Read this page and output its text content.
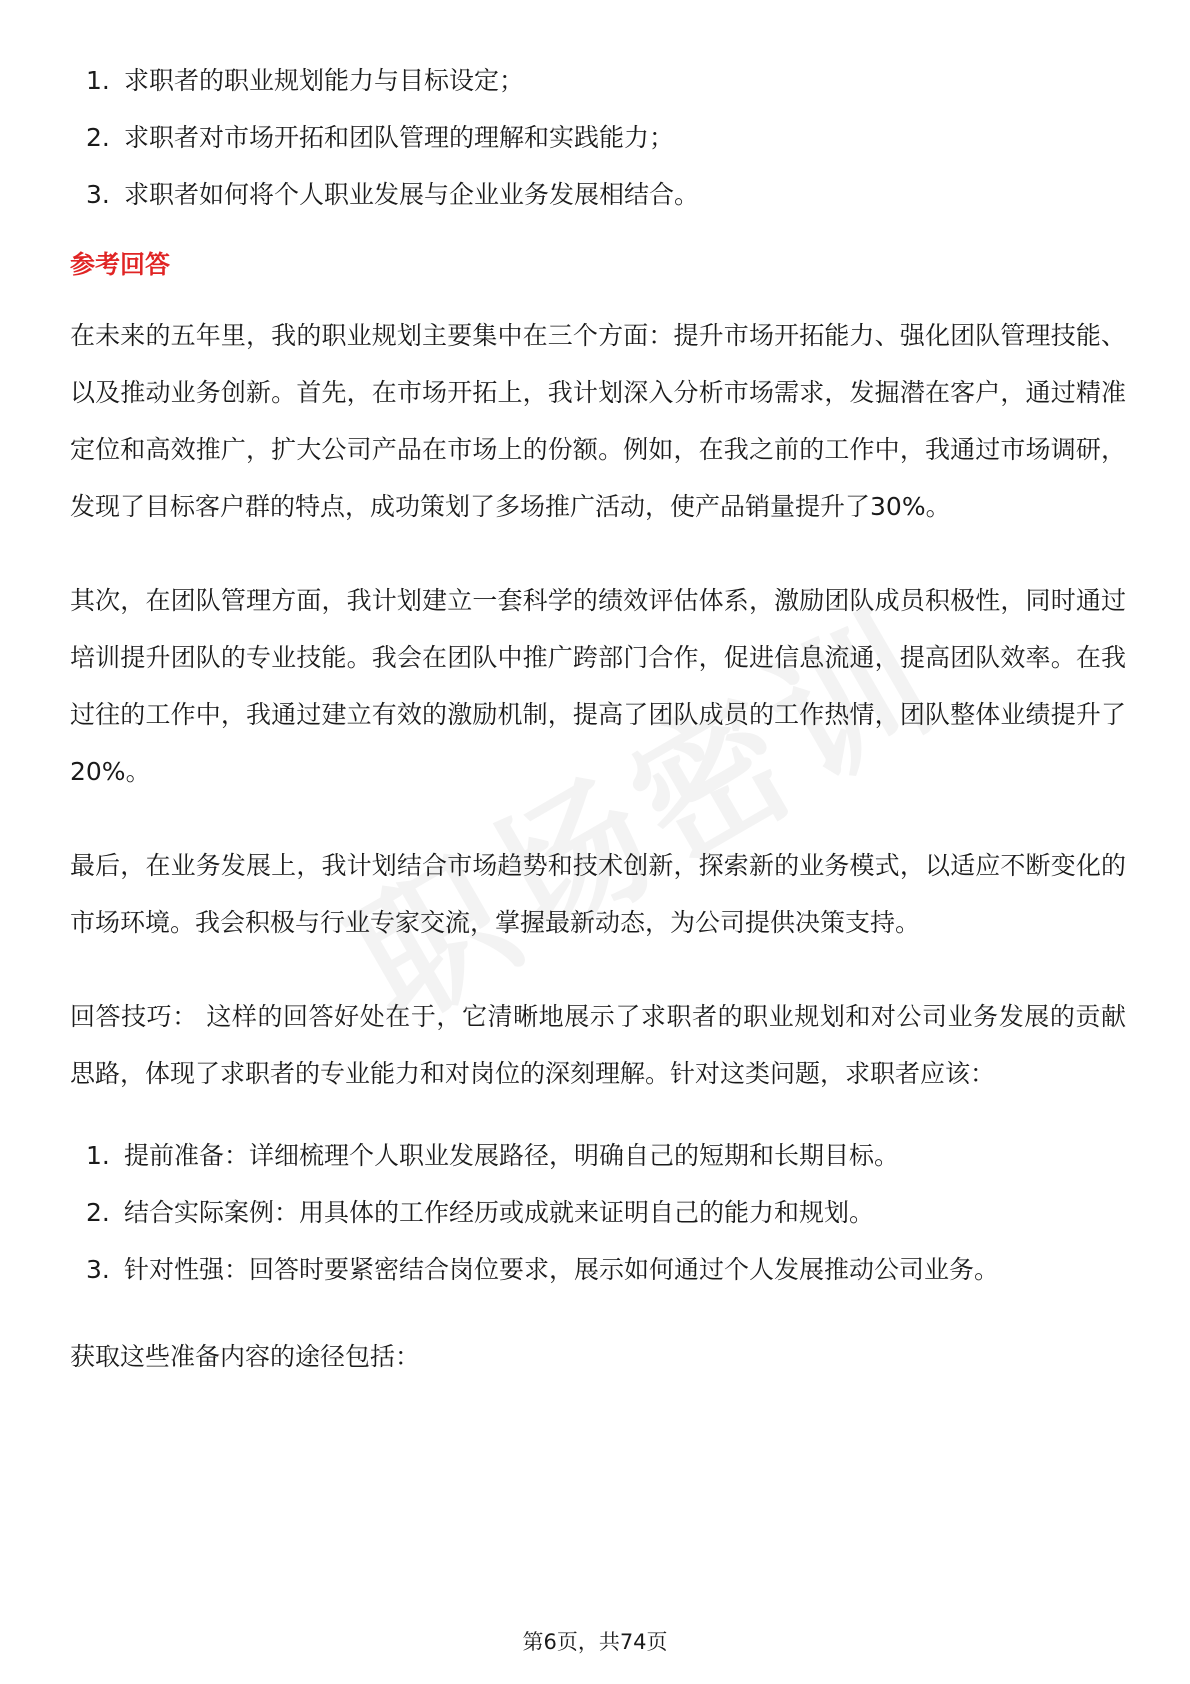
1. 求职者的职业规划能力与目标设定；
2. 求职者对市场开拓和团队管理的理解和实践能力；
3. 求职者如何将个人职业发展与企业业务发展相结合。
参考回答

在未来的五年里，我的职业规划主要集中在三个方面：提升市场开拓能力、强化团队管理技能、以及推动业务创新。首先，在市场开拓上，我计划深入分析市场需求，发掘潜在客户，通过精准定位和高效推广，扩大公司产品在市场上的份额。例如，在我之前的工作中，我通过市场调研，发现了目标客户群的特点，成功策划了多场推广活动，使产品销量提升了30%。

其次，在团队管理方面，我计划建立一套科学的绩效评估体系，激励团队成员积极性，同时通过培训提升团队的专业技能。我会在团队中推广跨部门合作，促进信息流通，提高团队效率。在我过往的工作中，我通过建立有效的激励机制，提高了团队成员的工作热情，团队整体业绩提升了20%。

最后，在业务发展上，我计划结合市场趋势和技术创新，探索新的业务模式，以适应不断变化的市场环境。我会积极与行业专家交流，掌握最新动态，为公司提供决策支持。

回答技巧： 这样的回答好处在于，它清晰地展示了求职者的职业规划和对公司业务发展的贡献思路，体现了求职者的专业能力和对岗位的深刻理解。针对这类问题，求职者应该：

1. 提前准备：详细梳理个人职业发展路径，明确自己的短期和长期目标。
2. 结合实际案例：用具体的工作经历或成就来证明自己的能力和规划。
3. 针对性强：回答时要紧密结合岗位要求，展示如何通过个人发展推动公司业务。

获取这些准备内容的途径包括：

第6页，共74页
